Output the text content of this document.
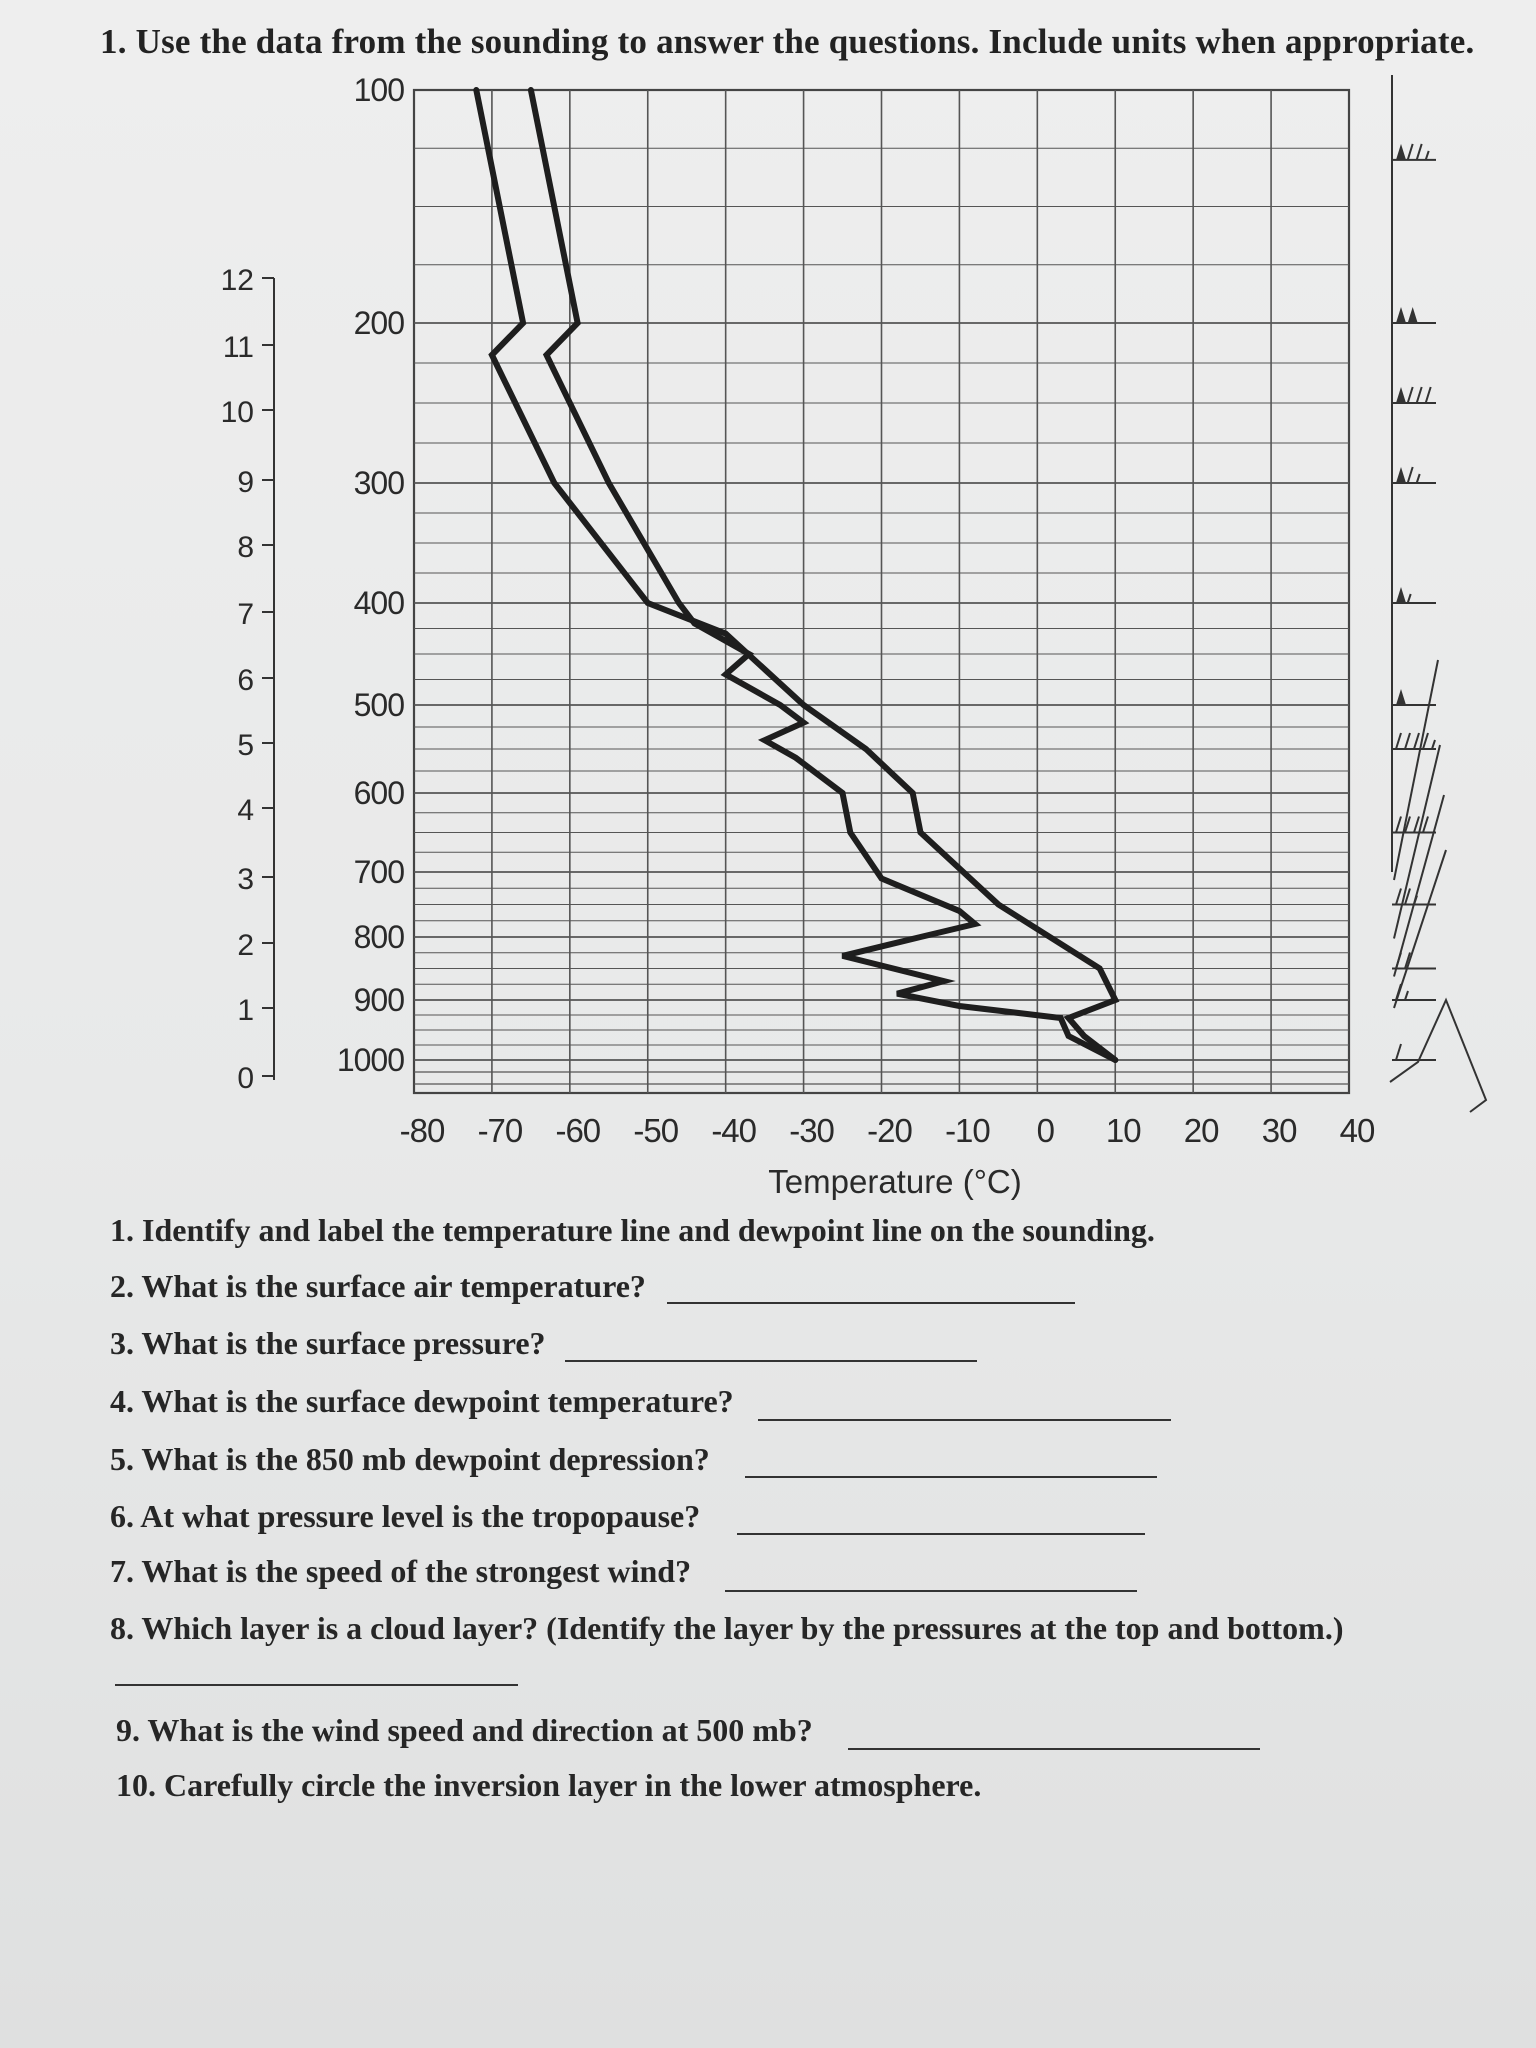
1. Use the data from the sounding to answer the questions. Include units when appropriate.
12
11
10
9
8
7
6
5
4
3
2
1
0
100
200
300
400
500
600
700
800
900
1000
-80 -70 -60 -50 -40 -30 -20 -10 0 10 20 30 40
Temperature (°C)
1. Identify and label the temperature line and dewpoint line on the sounding.
2. What is the surface air temperature?
3. What is the surface pressure?
4. What is the surface dewpoint temperature?
5. What is the 850 mb dewpoint depression?
6. At what pressure level is the tropopause?
7. What is the speed of the strongest wind?
8. Which layer is a cloud layer? (Identify the layer by the pressures at the top and bottom.)
9. What is the wind speed and direction at 500 mb?
10. Carefully circle the inversion layer in the lower atmosphere.
